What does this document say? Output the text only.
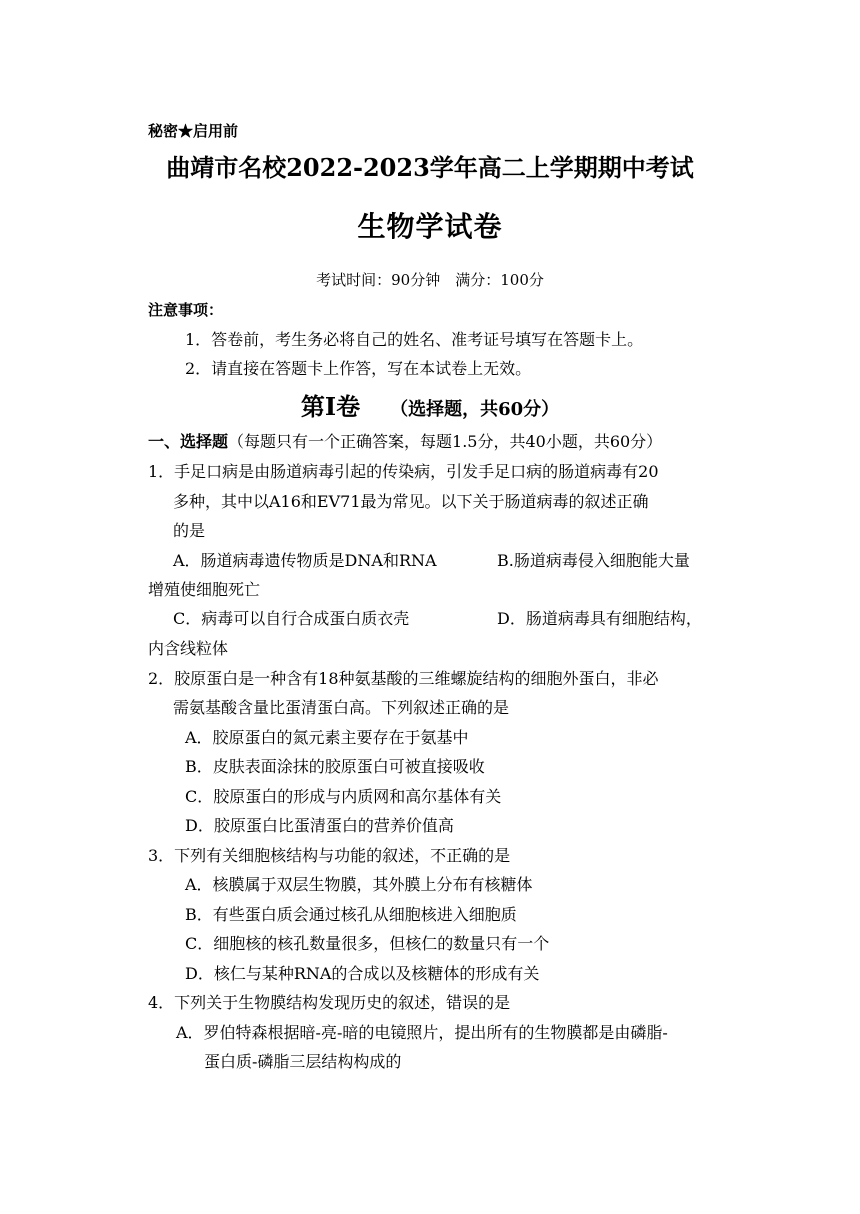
秘密★启用前
曲靖市名校2022-2023学年高二上学期期中考试
生物学试卷
考试时间：90分钟　满分：100分
注意事项：
1．答卷前，考生务必将自己的姓名、准考证号填写在答题卡上。
2．请直接在答题卡上作答，写在本试卷上无效。
第Ⅰ卷 （选择题，共60分）
一、选择题（每题只有一个正确答案，每题1.5分，共40小题，共60分）
1．手足口病是由肠道病毒引起的传染病，引发手足口病的肠道病毒有20
多种，其中以A16和EV71最为常见。以下关于肠道病毒的叙述正确
的是
A．肠道病毒遗传物质是DNA和RNA	B.肠道病毒侵入细胞能大量
增殖使细胞死亡
C．病毒可以自行合成蛋白质衣壳	D．肠道病毒具有细胞结构，
内含线粒体
2．胶原蛋白是一种含有18种氨基酸的三维螺旋结构的细胞外蛋白，非必
需氨基酸含量比蛋清蛋白高。下列叙述正确的是
A．胶原蛋白的氮元素主要存在于氨基中
B．皮肤表面涂抹的胶原蛋白可被直接吸收
C．胶原蛋白的形成与内质网和高尔基体有关
D．胶原蛋白比蛋清蛋白的营养价值高
3．下列有关细胞核结构与功能的叙述，不正确的是
A．核膜属于双层生物膜，其外膜上分布有核糖体
B．有些蛋白质会通过核孔从细胞核进入细胞质
C．细胞核的核孔数量很多，但核仁的数量只有一个
D．核仁与某种RNA的合成以及核糖体的形成有关
4．下列关于生物膜结构发现历史的叙述，错误的是
A．罗伯特森根据暗-亮-暗的电镜照片，提出所有的生物膜都是由磷脂-
蛋白质-磷脂三层结构构成的
